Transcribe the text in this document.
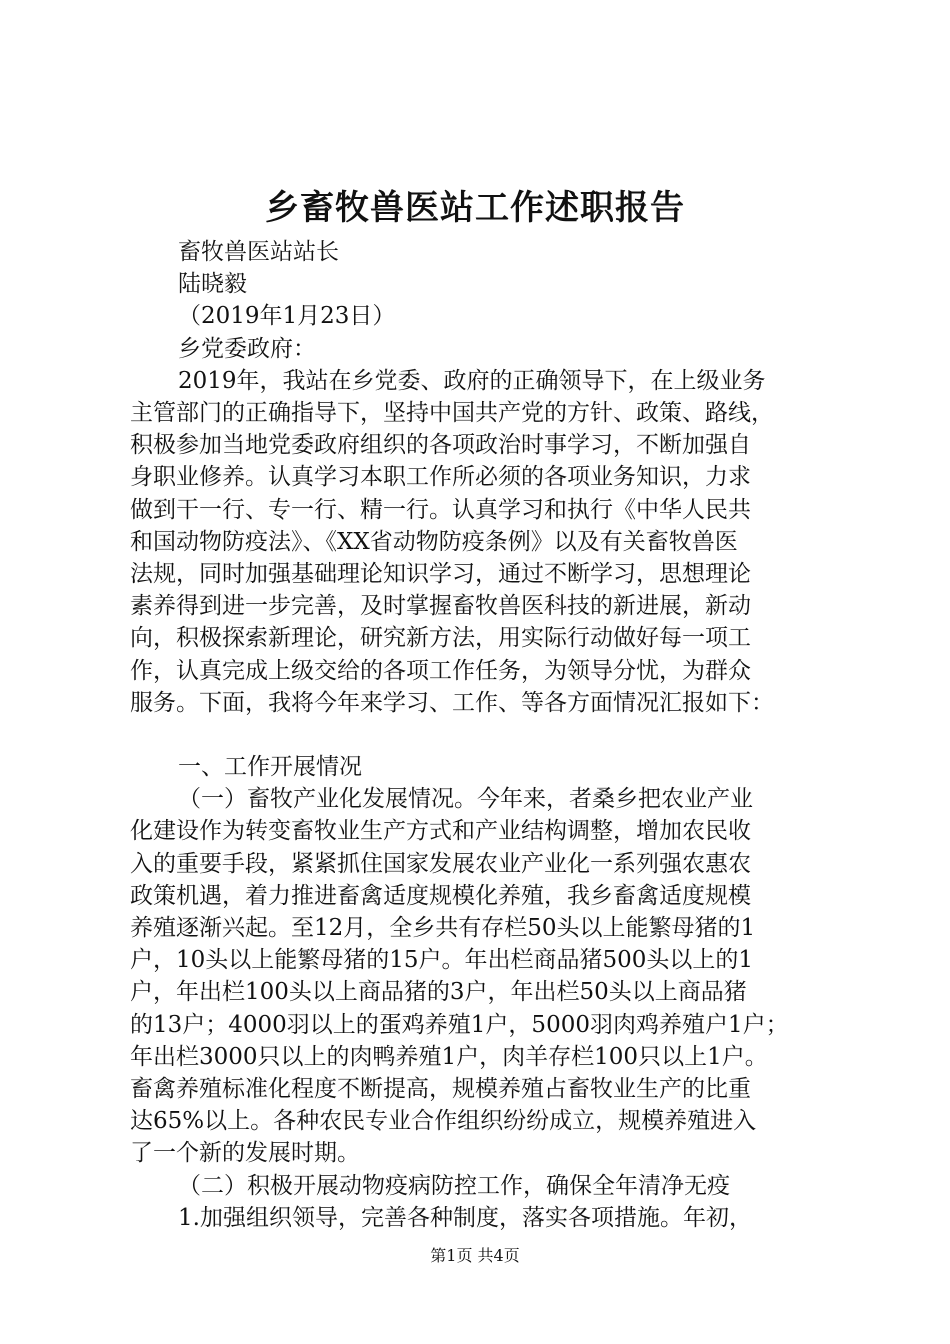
乡畜牧兽医站工作述职报告
畜牧兽医站站长
陆晓毅
（2019年1月23日）
乡党委政府：
2019年，我站在乡党委、政府的正确领导下，在上级业务
主管部门的正确指导下，坚持中国共产党的方针、政策、路线，
积极参加当地党委政府组织的各项政治时事学习，不断加强自
身职业修养。认真学习本职工作所必须的各项业务知识，力求
做到干一行、专一行、精一行。认真学习和执行《中华人民共
和国动物防疫法》、《XX省动物防疫条例》以及有关畜牧兽医
法规，同时加强基础理论知识学习，通过不断学习，思想理论
素养得到进一步完善，及时掌握畜牧兽医科技的新进展，新动
向，积极探索新理论，研究新方法，用实际行动做好每一项工
作，认真完成上级交给的各项工作任务，为领导分忧，为群众
服务。下面，我将今年来学习、工作、等各方面情况汇报如下：
一、工作开展情况
（一）畜牧产业化发展情况。今年来，者桑乡把农业产业
化建设作为转变畜牧业生产方式和产业结构调整，增加农民收
入的重要手段，紧紧抓住国家发展农业产业化一系列强农惠农
政策机遇，着力推进畜禽适度规模化养殖，我乡畜禽适度规模
养殖逐渐兴起。至12月，全乡共有存栏50头以上能繁母猪的1
户，10头以上能繁母猪的15户。年出栏商品猪500头以上的1
户，年出栏100头以上商品猪的3户，年出栏50头以上商品猪
的13户；4000羽以上的蛋鸡养殖1户，5000羽肉鸡养殖户1户；
年出栏3000只以上的肉鸭养殖1户，肉羊存栏100只以上1户。
畜禽养殖标准化程度不断提高，规模养殖占畜牧业生产的比重
达65%以上。各种农民专业合作组织纷纷成立，规模养殖进入
了一个新的发展时期。
（二）积极开展动物疫病防控工作，确保全年清净无疫
1.加强组织领导，完善各种制度，落实各项措施。年初，
第1页 共4页
